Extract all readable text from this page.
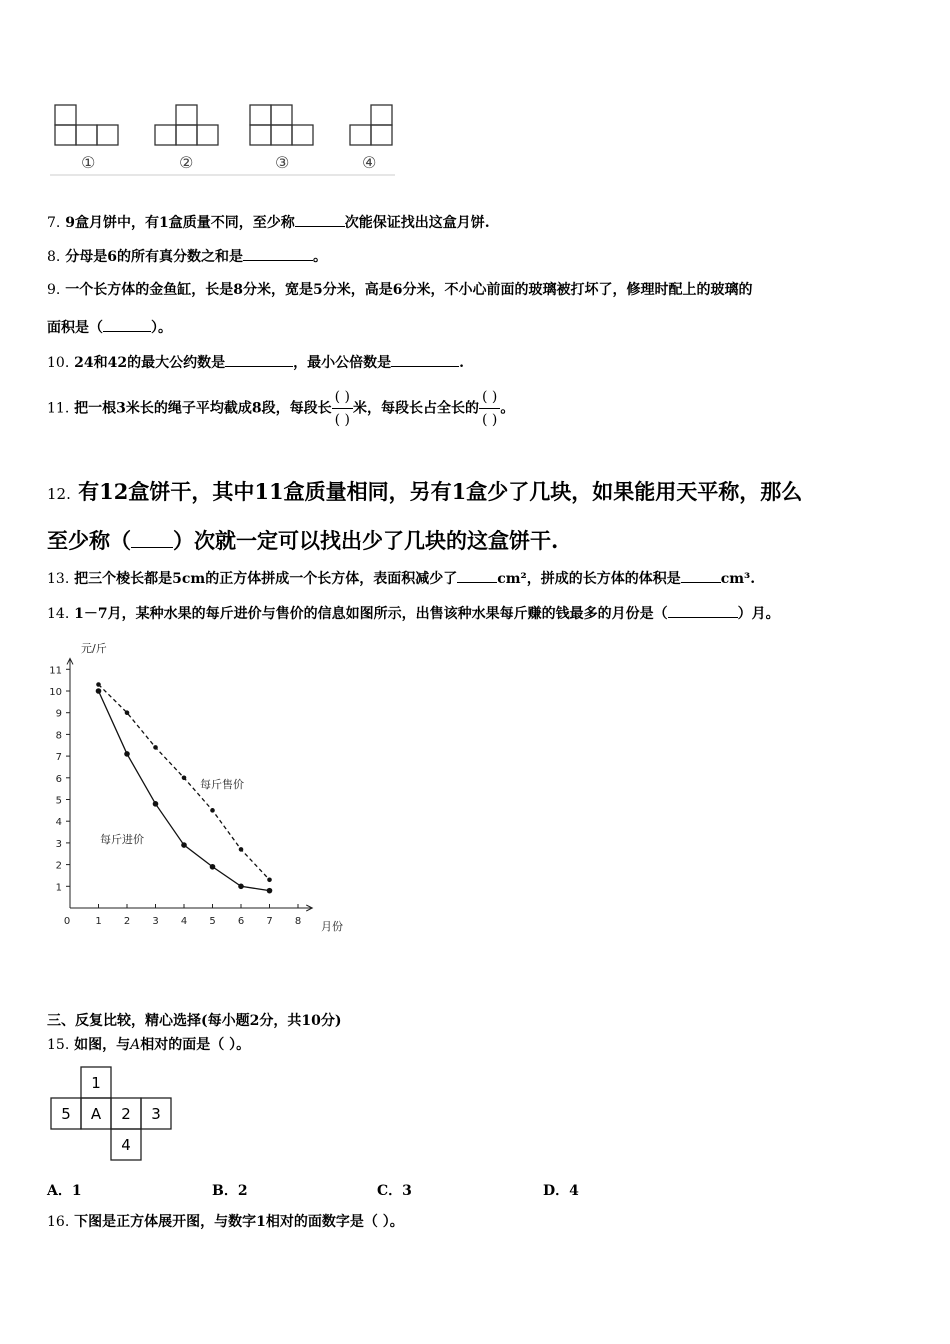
①	②	③	④
7. 9盒月饼中，有1盒质量不同，至少称	次能保证找出这盒月饼.
8. 分母是6的所有真分数之和是	。
9. 一个长方体的金鱼缸，长是8分米，宽是5分米，高是6分米，不小心前面的玻璃被打坏了，修理时配上的玻璃的
面积是（	）。
10. 24和42的最大公约数是	，最小公倍数是	.
11. 把一根3米长的绳子平均截成8段，每段长 $\frac{( )}{( )}$ 米，每段长占全长的 $\frac{( )}{( )}$ 。
12. 有12盒饼干，其中11盒质量相同，另有1盒少了几块，如果能用天平称，那么
至少称（ ）次就一定可以找出少了几块的这盒饼干.
13. 把三个棱长都是5cm的正方体拼成一个长方体，表面积减少了	cm²，拼成的长方体的体积是	cm³.
14. 1－7月，某种水果的每斤进价与售价的信息如图所示，出售该种水果每斤赚的钱最多的月份是（	）月。
1
2
3
4
5
6
7
8
9
10
11
0	1 2 3 4 5 6 7 8
元/斤
月份
每斤售价
每斤进价
三、反复比较，精心选择(每小题2分，共10分)
15. 如图，与A相对的面是（ ）。
1
5 A 2 3
4
A．1	B．2	C．3	D．4
16. 下图是正方体展开图，与数字1相对的面数字是（ ）。
